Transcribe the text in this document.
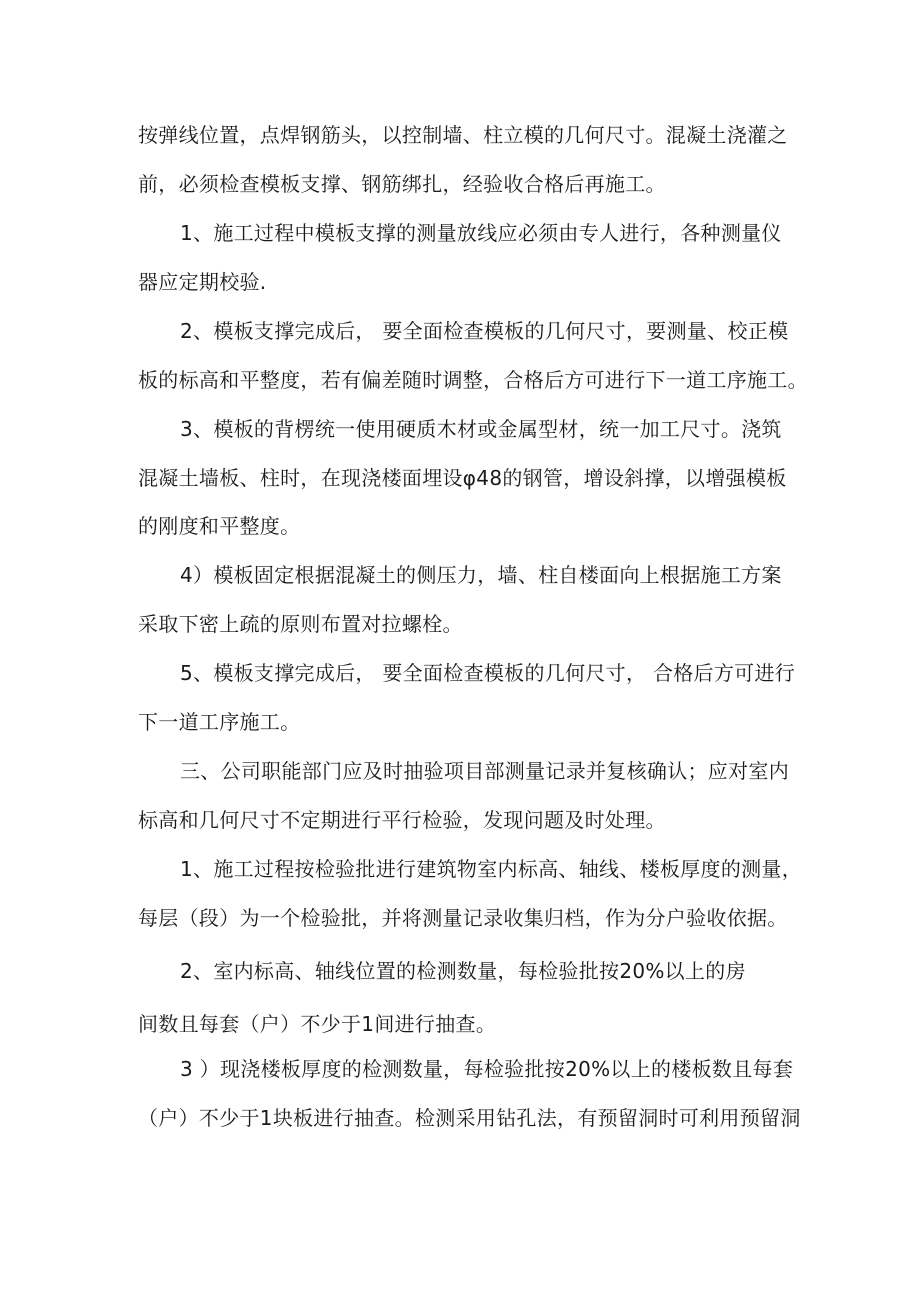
按弹线位置，点焊钢筋头，以控制墙、柱立模的几何尺寸。混凝土浇灌之
前，必须检查模板支撑、钢筋绑扎，经验收合格后再施工。
1、施工过程中模板支撑的测量放线应必须由专人进行，各种测量仪
器应定期校验.
2、模板支撑完成后， 要全面检查模板的几何尺寸，要测量、校正模
板的标高和平整度，若有偏差随时调整，合格后方可进行下一道工序施工。
3、模板的背楞统一使用硬质木材或金属型材，统一加工尺寸。浇筑
混凝土墙板、柱时，在现浇楼面埋设φ48的钢管，增设斜撑，以增强模板
的刚度和平整度。
4）模板固定根据混凝土的侧压力，墙、柱自楼面向上根据施工方案
采取下密上疏的原则布置对拉螺栓。
5、模板支撑完成后， 要全面检查模板的几何尺寸， 合格后方可进行
下一道工序施工。
三、公司职能部门应及时抽验项目部测量记录并复核确认；应对室内
标高和几何尺寸不定期进行平行检验，发现问题及时处理。
1、施工过程按检验批进行建筑物室内标高、轴线、楼板厚度的测量，
每层（段）为一个检验批，并将测量记录收集归档，作为分户验收依据。
2、室内标高、轴线位置的检测数量，每检验批按20%以上的房
间数且每套（户）不少于1间进行抽查。
3 ）现浇楼板厚度的检测数量，每检验批按20%以上的楼板数且每套
（户）不少于1块板进行抽查。检测采用钻孔法，有预留洞时可利用预留洞
